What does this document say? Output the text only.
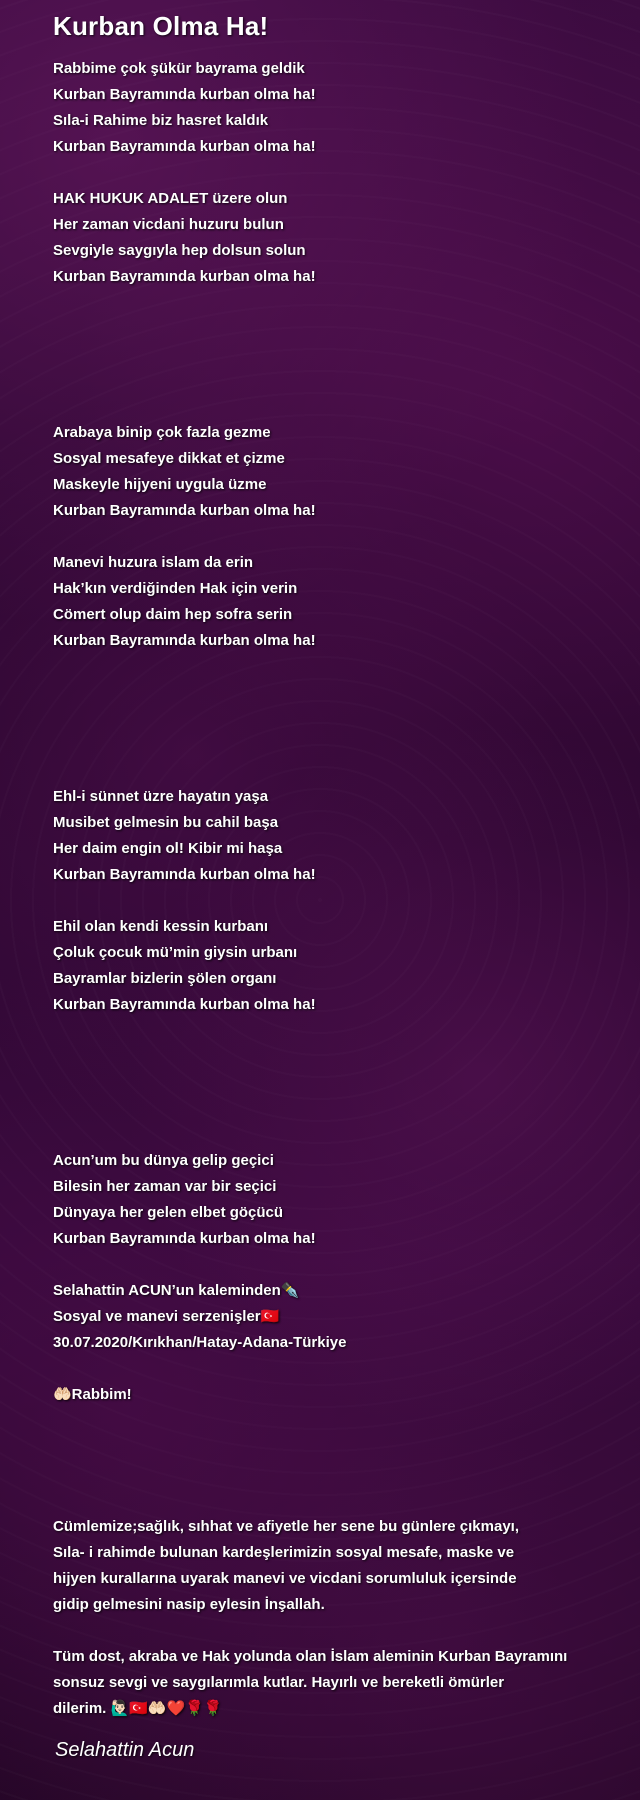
Kurban Olma Ha!
Rabbime çok şükür bayrama geldik
Kurban Bayramında kurban olma ha!
Sıla-i Rahime biz hasret kaldık
Kurban Bayramında kurban olma ha!
HAK HUKUK ADALET üzere olun
Her zaman vicdani huzuru bulun
Sevgiyle saygıyla hep dolsun solun
Kurban Bayramında kurban olma ha!
Arabaya binip çok fazla gezme
Sosyal mesafeye dikkat et çizme
Maskeyle hijyeni uygula üzme
Kurban Bayramında kurban olma ha!
Manevi huzura islam da erin
Hak’kın verdiğinden Hak için verin
Cömert olup daim hep sofra serin
Kurban Bayramında kurban olma ha!
Ehl-i sünnet üzre hayatın yaşa
Musibet gelmesin bu cahil başa
Her daim engin ol! Kibir mi haşa
Kurban Bayramında kurban olma ha!
Ehil olan kendi kessin kurbanı
Çoluk çocuk mü’min giysin urbanı
Bayramlar bizlerin şölen organı
Kurban Bayramında kurban olma ha!
Acun’um bu dünya gelip geçici
Bilesin her zaman var bir seçici
Dünyaya her gelen elbet göçücü
Kurban Bayramında kurban olma ha!
Selahattin ACUN’un kaleminden✒️
Sosyal ve manevi serzenişler🇹🇷
30.07.2020/Kırıkhan/Hatay-Adana-Türkiye
🤲🏻Rabbim!
Cümlemize;sağlık, sıhhat ve afiyetle her sene bu günlere çıkmayı,
Sıla- i rahimde bulunan kardeşlerimizin sosyal mesafe, maske ve
hijyen kurallarına uyarak manevi ve vicdani sorumluluk içersinde
gidip gelmesini nasip eylesin İnşallah.
Tüm dost, akraba ve Hak yolunda olan İslam aleminin Kurban Bayramını
sonsuz sevgi ve saygılarımla kutlar. Hayırlı ve bereketli ömürler
dilerim. 🙋🏻‍♂️🇹🇷🤲🏻❤️🌹🌹
Selahattin Acun
